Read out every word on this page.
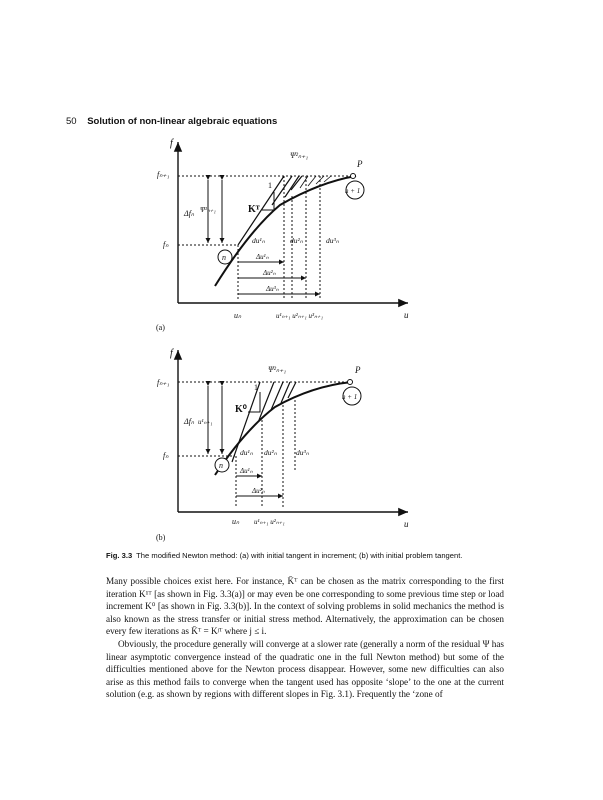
50 Solution of non-linear algebraic equations
f
u
1
Kᵀ
Δfₙ Ψ¹ₙ₊₁
fₙ₊₁
fₙ
Ψ²ₙ₊₁
P
n
n + 1
du¹ₙ	du²ₙ	du³ₙ
Δu¹ₙ
Δu²ₙ
Δu³ₙ
uₙ	u¹ₙ₊₁ u²ₙ₊₁ u³ₙ₊₁
(a)
f
u
1
K⁰
Δfₙ u¹ₙ₊₁
fₙ₊₁
fₙ
Ψ²ₙ₊₁	P
n
n + 1
du¹ₙ du²ₙ	du³ₙ
Δu¹ₙ
Δu²ₙ
uₙ u¹ₙ₊₁ u²ₙ₊₁
(b)
Fig. 3.3 The modified Newton method: (a) with initial tangent in increment; (b) with initial problem tangent.

Many possible choices exist here. For instance, K̄ᵀ can be chosen as the matrix corresponding to the first iteration K¹ᵀ [as shown in Fig. 3.3(a)] or may even be one corresponding to some previous time step or load increment K⁰ [as shown in Fig. 3.3(b)]. In the context of solving problems in solid mechanics the method is also known as the stress transfer or initial stress method. Alternatively, the approximation can be chosen every few iterations as K̄ᵀ = Kʲᵀ where j ≤ i.

Obviously, the procedure generally will converge at a slower rate (generally a norm of the residual Ψ has linear asymptotic convergence instead of the quadratic one in the full Newton method) but some of the difficulties mentioned above for the Newton process disappear. However, some new difficulties can also arise as this method fails to converge when the tangent used has opposite ‘slope’ to the one at the current solution (e.g. as shown by regions with different slopes in Fig. 3.1). Frequently the ‘zone of
